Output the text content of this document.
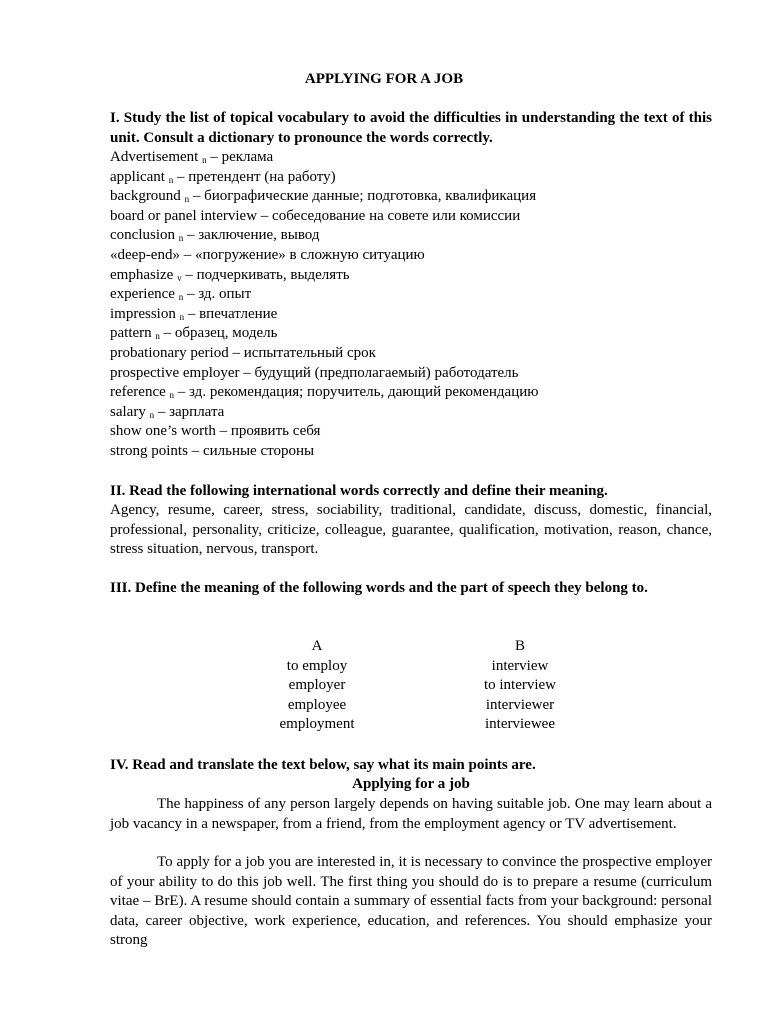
APPLYING FOR A JOB
I. Study the list of topical vocabulary to avoid the difficulties in understanding the text of this unit. Consult a dictionary to pronounce the words correctly.
Advertisement $_n$ – реклама
applicant $_n$ – претендент (на работу)
background $_n$ – биографические данные; подготовка, квалификация
board or panel interview – собеседование на совете или комиссии
conclusion $_n$ – заключение, вывод
«deep-end» – «погружение» в сложную ситуацию
emphasize $_v$ – подчеркивать, выделять
experience $_n$ – зд. опыт
impression $_n$ – впечатление
pattern $_n$ – образец, модель
probationary period – испытательный срок
prospective employer – будущий (предполагаемый) работодатель
reference $_n$ – зд. рекомендация; поручитель, дающий рекомендацию
salary $_n$ – зарплата
show one’s worth – проявить себя
strong points – сильные стороны
II. Read the following international words correctly and define their meaning.
Agency, resume, career, stress, sociability, traditional, candidate, discuss, domestic, financial, professional, personality, criticize, colleague, guarantee, qualification, motivation, reason, chance, stress situation, nervous, transport.
III. Define the meaning of the following words and the part of speech they belong to.
A
to employ
employer
employee
employment
B
interview
to interview
interviewer
interviewee
IV. Read and translate the text below, say what its main points are.
Applying for a job
The happiness of any person largely depends on having suitable job. One may learn about a job vacancy in a newspaper, from a friend, from the employment agency or TV advertisement.
To apply for a job you are interested in, it is necessary to convince the prospective employer of your ability to do this job well. The first thing you should do is to prepare a resume (curriculum vitae – BrE). A resume should contain a summary of essential facts from your background: personal data, career objective, work experience, education, and references. You should emphasize your strong
